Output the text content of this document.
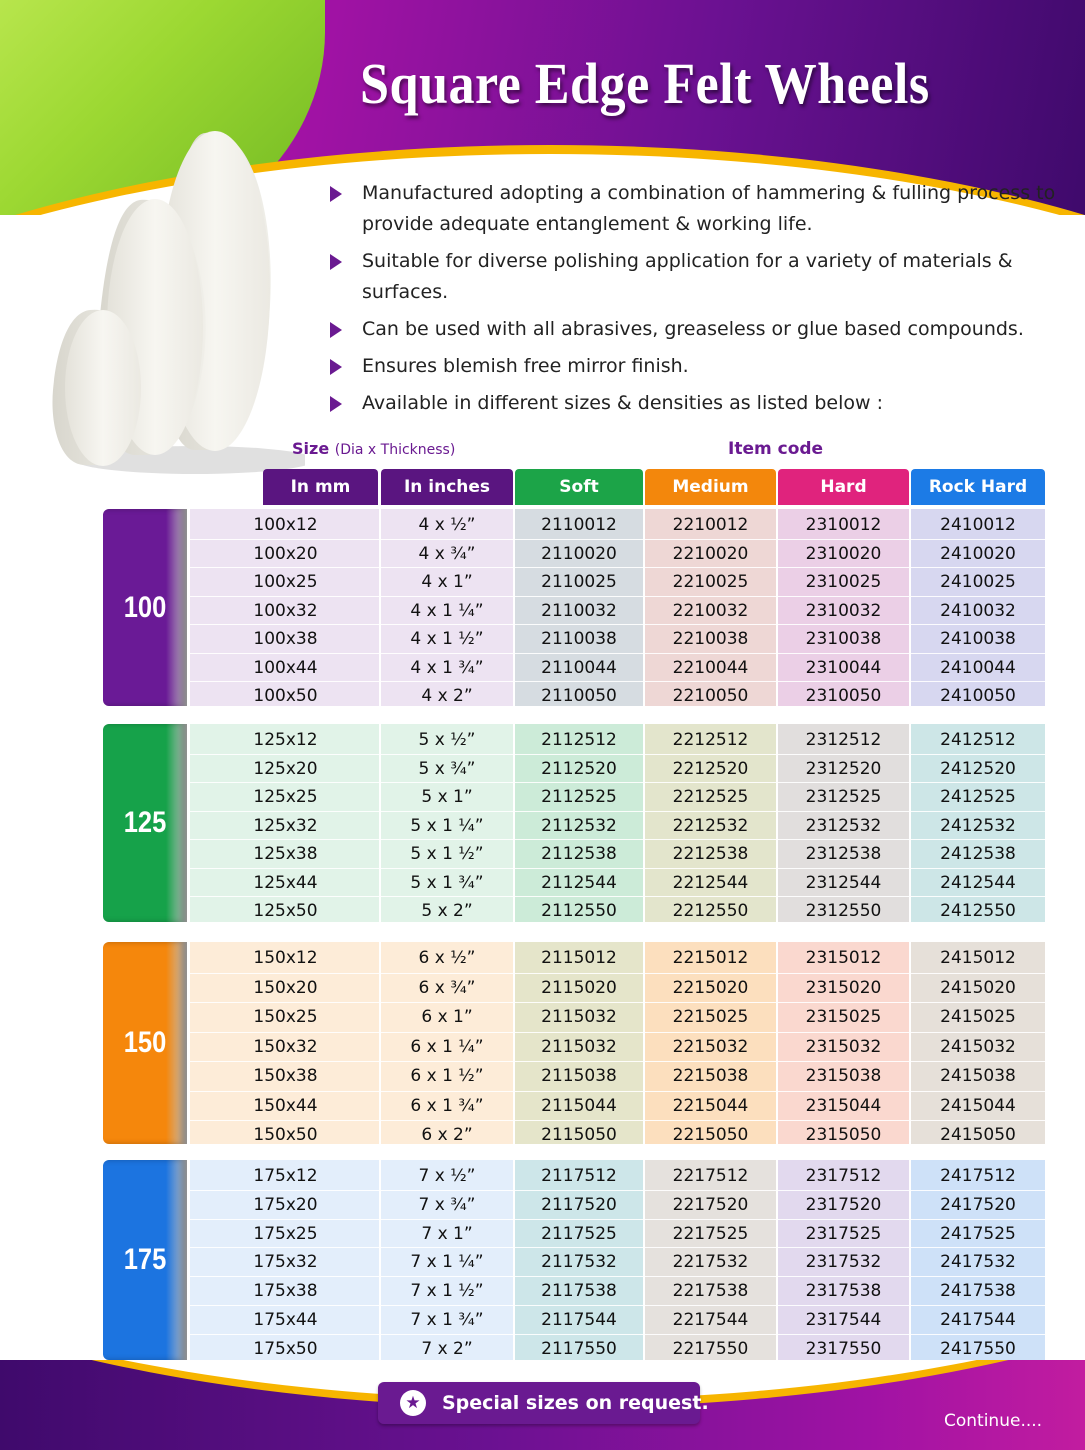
Square Edge Felt Wheels
Manufactured adopting a combination of hammering & fulling process to provide adequate entanglement & working life.
Suitable for diverse polishing application for a variety of materials & surfaces.
Can be used with all abrasives, greaseless or glue based compounds.
Ensures blemish free mirror finish.
Available in different sizes & densities as listed below :
Size (Dia x Thickness)	Item code
In mm	In inches	Soft	Medium	Hard	Rock Hard
100
100x12	4 x ½”	2110012	2210012	2310012	2410012
100x20	4 x ¾”	2110020	2210020	2310020	2410020
100x25	4 x 1”	2110025	2210025	2310025	2410025
100x32	4 x 1 ¼”	2110032	2210032	2310032	2410032
100x38	4 x 1 ½”	2110038	2210038	2310038	2410038
100x44	4 x 1 ¾”	2110044	2210044	2310044	2410044
100x50	4 x 2”	2110050	2210050	2310050	2410050
125
125x12	5 x ½”	2112512	2212512	2312512	2412512
125x20	5 x ¾”	2112520	2212520	2312520	2412520
125x25	5 x 1”	2112525	2212525	2312525	2412525
125x32	5 x 1 ¼”	2112532	2212532	2312532	2412532
125x38	5 x 1 ½”	2112538	2212538	2312538	2412538
125x44	5 x 1 ¾”	2112544	2212544	2312544	2412544
125x50	5 x 2”	2112550	2212550	2312550	2412550
150
150x12	6 x ½”	2115012	2215012	2315012	2415012
150x20	6 x ¾”	2115020	2215020	2315020	2415020
150x25	6 x 1”	2115032	2215025	2315025	2415025
150x32	6 x 1 ¼”	2115032	2215032	2315032	2415032
150x38	6 x 1 ½”	2115038	2215038	2315038	2415038
150x44	6 x 1 ¾”	2115044	2215044	2315044	2415044
150x50	6 x 2”	2115050	2215050	2315050	2415050
175
175x12	7 x ½”	2117512	2217512	2317512	2417512
175x20	7 x ¾”	2117520	2217520	2317520	2417520
175x25	7 x 1”	2117525	2217525	2317525	2417525
175x32	7 x 1 ¼”	2117532	2217532	2317532	2417532
175x38	7 x 1 ½”	2117538	2217538	2317538	2417538
175x44	7 x 1 ¾”	2117544	2217544	2317544	2417544
175x50	7 x 2”	2117550	2217550	2317550	2417550
★ Special sizes on request.
Continue....
